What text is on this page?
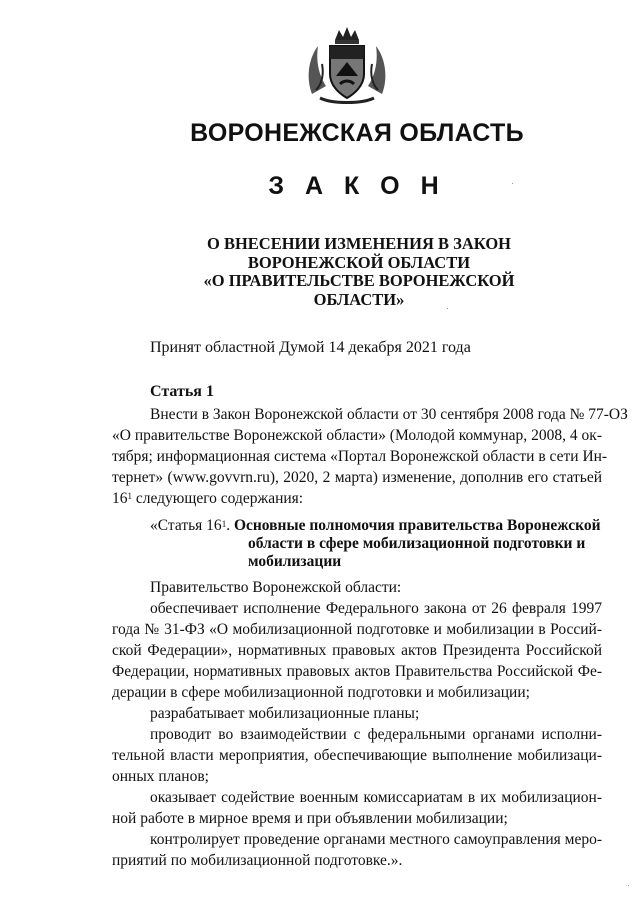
ВОРОНЕЖСКАЯ ОБЛАСТЬ
З А К О Н
О ВНЕСЕНИИ ИЗМЕНЕНИЯ В ЗАКОН
ВОРОНЕЖСКОЙ ОБЛАСТИ
«О ПРАВИТЕЛЬСТВЕ ВОРОНЕЖСКОЙ
ОБЛАСТИ»
Принят областной Думой 14 декабря 2021 года
Статья 1
Внести в Закон Воронежской области от 30 сентября 2008 года № 77-ОЗ
«О правительстве Воронежской области» (Молодой коммунар, 2008, 4 ок-
тября; информационная система «Портал Воронежской области в сети Ин-
тернет» (www.govvrn.ru), 2020, 2 марта) изменение, дополнив его статьей
$16^1$ следующего содержания:
«Статья $16^1$. Основные полномочия правительства Воронежской
области в сфере мобилизационной подготовки и
мобилизации
Правительство Воронежской области:
обеспечивает исполнение Федерального закона от 26 февраля 1997
года № 31-ФЗ «О мобилизационной подготовке и мобилизации в Россий-
ской Федерации», нормативных правовых актов Президента Российской
Федерации, нормативных правовых актов Правительства Российской Фе-
дерации в сфере мобилизационной подготовки и мобилизации;
разрабатывает мобилизационные планы;
проводит во взаимодействии с федеральными органами исполни-
тельной власти мероприятия, обеспечивающие выполнение мобилизаци-
онных планов;
оказывает содействие военным комиссариатам в их мобилизацион-
ной работе в мирное время и при объявлении мобилизации;
контролирует проведение органами местного самоуправления меро-
приятий по мобилизационной подготовке.».
